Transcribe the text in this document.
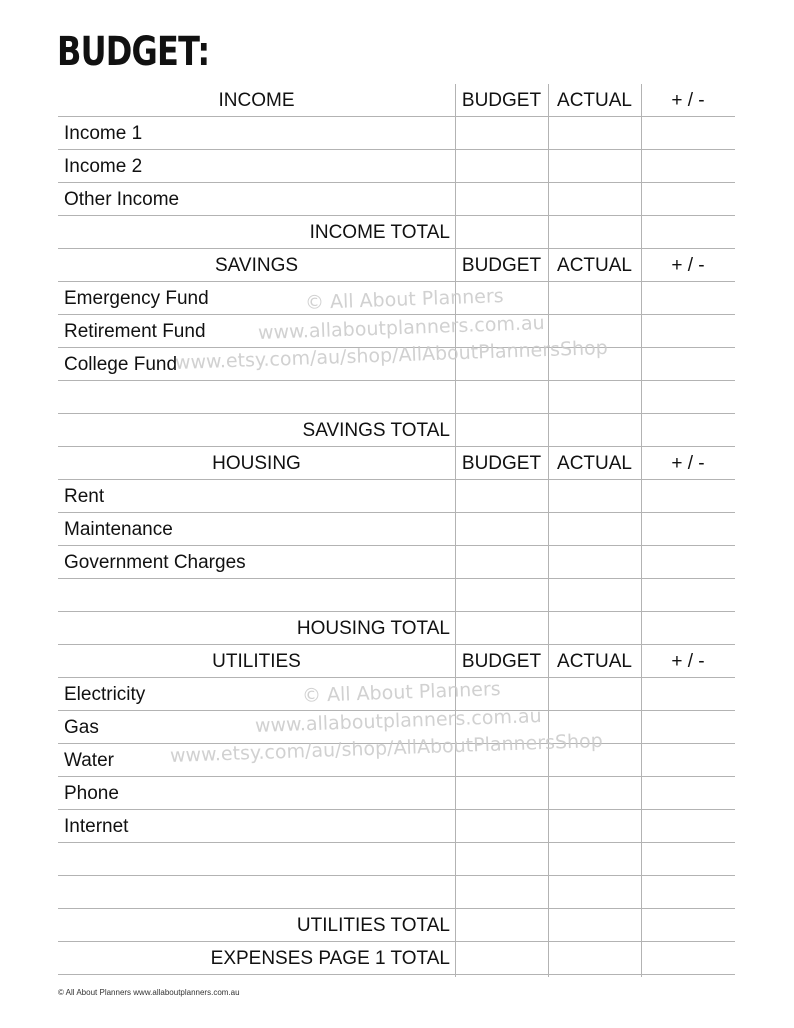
BUDGET:
INCOME	BUDGET ACTUAL	+ / -
Income 1
Income 2
Other Income
INCOME TOTAL
SAVINGS	BUDGET ACTUAL	+ / -
Emergency Fund
Retirement Fund
College Fund
SAVINGS TOTAL
HOUSING	BUDGET ACTUAL	+ / -
Rent
Maintenance
Government Charges
HOUSING TOTAL
UTILITIES	BUDGET ACTUAL	+ / -
Electricity
Gas
Water
Phone
Internet
UTILITIES TOTAL
EXPENSES PAGE 1 TOTAL
© All About Planners
www.allaboutplanners.com.au
www.etsy.com/au/shop/AllAboutPlannersShop
© All About Planners
www.allaboutplanners.com.au
www.etsy.com/au/shop/AllAboutPlannersShop

© All About Planners www.allaboutplanners.com.au
